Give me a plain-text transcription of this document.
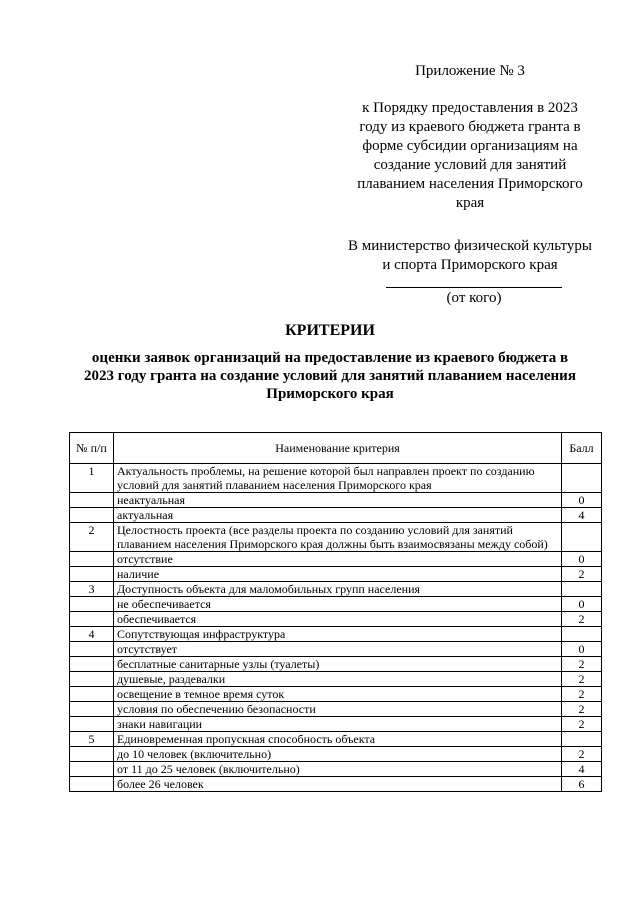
Приложение № 3
к Порядку предоставления в 2023
году из краевого бюджета гранта в
форме субсидии организациям на
создание условий для занятий
плаванием населения Приморского
края
В министерство физической культуры
и спорта Приморского края
(от кого)
КРИТЕРИИ
оценки заявок организаций на предоставление из краевого бюджета в
2023 году гранта на создание условий для занятий плаванием населения
Приморского края
№ п/п	Наименование критерия	Балл
1	Актуальность проблемы, на решение которой был направлен проект по созданию условий для занятий плаванием населения Приморского края	
	неактуальная	0
	актуальная	4
2	Целостность проекта (все разделы проекта по созданию условий для занятий плаванием населения Приморского края должны быть взаимосвязаны между собой)	
	отсутствие	0
	наличие	2
3	Доступность объекта для маломобильных групп населения	
	не обеспечивается	0
	обеспечивается	2
4	Сопутствующая инфраструктура	
	отсутствует	0
	бесплатные санитарные узлы (туалеты)	2
	душевые, раздевалки	2
	освещение в темное время суток	2
	условия по обеспечению безопасности	2
	знаки навигации	2
5	Единовременная пропускная способность объекта	
	до 10 человек (включительно)	2
	от 11 до 25 человек (включительно)	4
	более 26 человек	6
